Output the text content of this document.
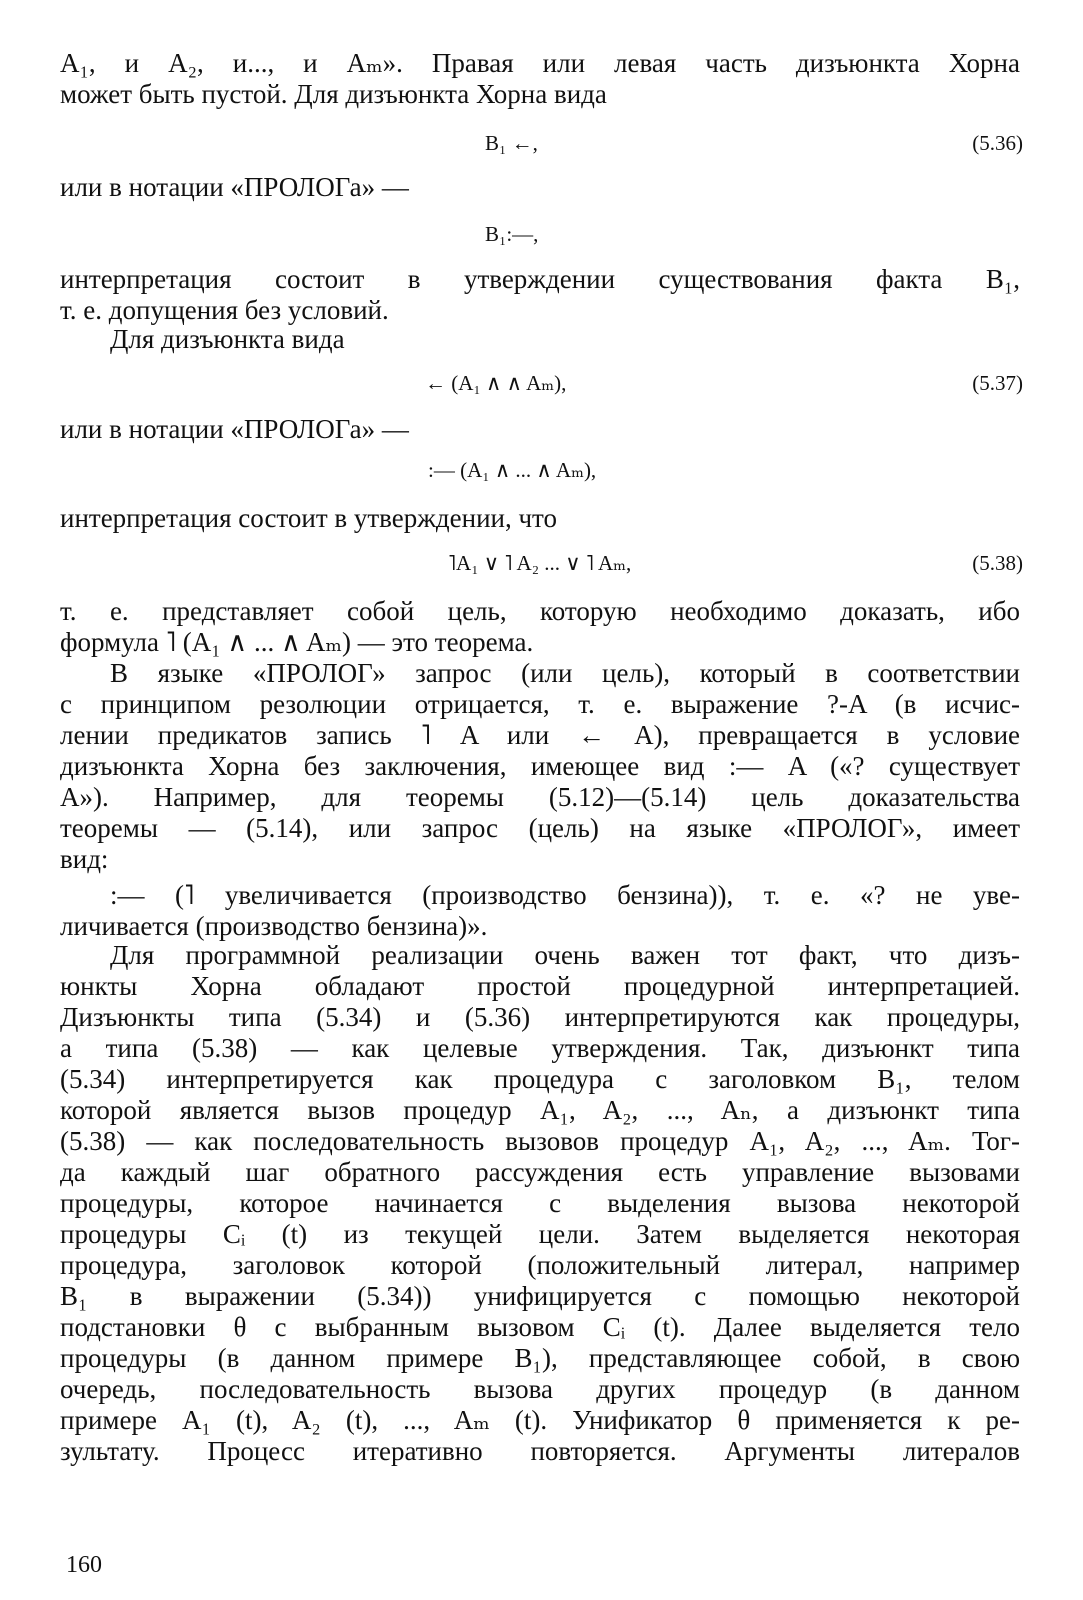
A₁, и A₂, и..., и Aₘ». Правая или левая часть дизъюнкта Хорна
может быть пустой. Для дизъюнкта Хорна вида
B₁ ←,	(5.36)
или в нотации «ПРОЛОГа» —
B₁:—,
интерпретация состоит в утверждении существования факта B₁,
т. е. допущения без условий.
Для дизъюнкта вида
← (A₁ ∧ ∧ Aₘ),	(5.37)
или в нотации «ПРОЛОГа» —
:— (A₁ ∧ ... ∧ Aₘ),
интерпретация состоит в утверждении, что
˥A₁ ∨ ˥ A₂ ... ∨ ˥ Aₘ,	(5.38)
т. е. представляет собой цель, которую необходимо доказать, ибо
формула ˥ (A₁ ∧ ... ∧ Aₘ) — это теорема.
В языке «ПРОЛОГ» запрос (или цель), который в соответствии
с принципом резолюции отрицается, т. е. выражение ?-A (в исчис-
лении предикатов запись ˥ A или ← A), превращается в условие
дизъюнкта Хорна без заключения, имеющее вид :— A («? существует
A»). Например, для теоремы (5.12)—(5.14) цель доказательства
теоремы — (5.14), или запрос (цель) на языке «ПРОЛОГ», имеет
вид:
:— (˥ увеличивается (производство бензина)), т. е. «? не уве-
личивается (производство бензина)».
Для программной реализации очень важен тот факт, что дизъ-
юнкты Хорна обладают простой процедурной интерпретацией.
Дизъюнкты типа (5.34) и (5.36) интерпретируются как процедуры,
а типа (5.38) — как целевые утверждения. Так, дизъюнкт типа
(5.34) интерпретируется как процедура с заголовком B₁, телом
которой является вызов процедур A₁, A₂, ..., Aₙ, а дизъюнкт типа
(5.38) — как последовательность вызовов процедур A₁, A₂, ..., Aₘ. Тог-
да каждый шаг обратного рассуждения есть управление вызовами
процедуры, которое начинается с выделения вызова некоторой
процедуры Cᵢ (t) из текущей цели. Затем выделяется некоторая
процедура, заголовок которой (положительный литерал, например
B₁ в выражении (5.34)) унифицируется с помощью некоторой
подстановки θ с выбранным вызовом Cᵢ (t). Далее выделяется тело
процедуры (в данном примере B₁), представляющее собой, в свою
очередь, последовательность вызова других процедур (в данном
примере A₁ (t), A₂ (t), ..., Aₘ (t). Унификатор θ применяется к ре-
зультату. Процесс итеративно повторяется. Аргументы литералов
160
